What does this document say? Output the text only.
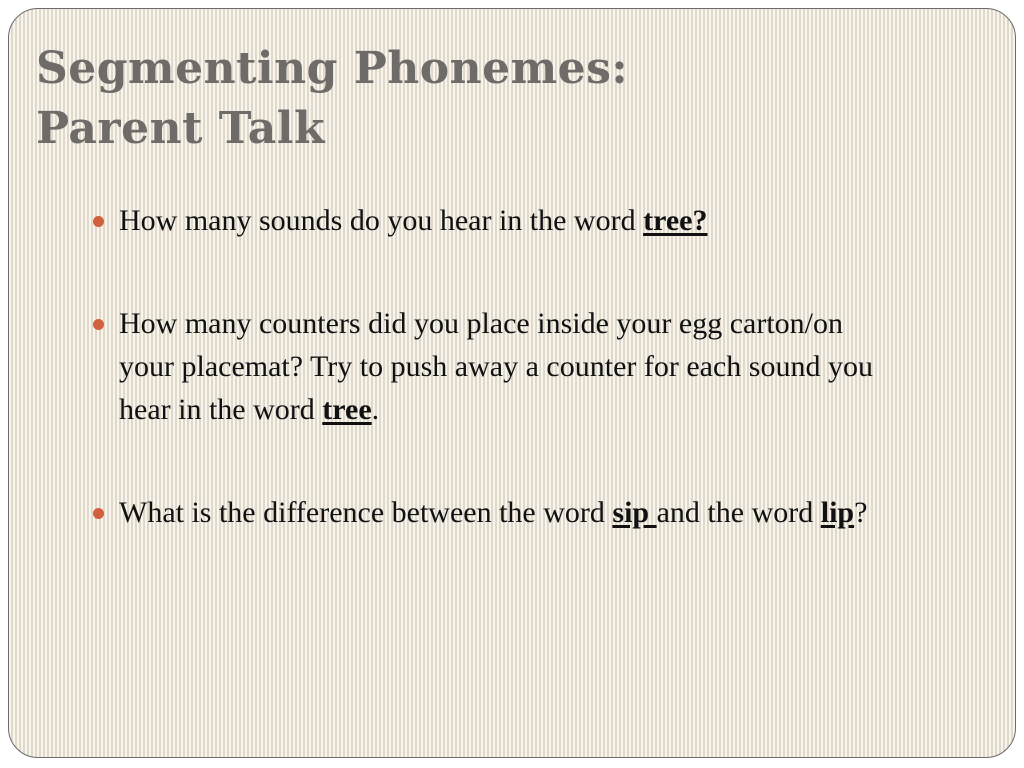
Segmenting Phonemes:
Parent Talk
How many sounds do you hear in the word tree?
How many counters did you place inside your egg carton/on your placemat? Try to push away a counter for each sound you hear in the word tree.
What is the difference between the word sip and the word lip?
